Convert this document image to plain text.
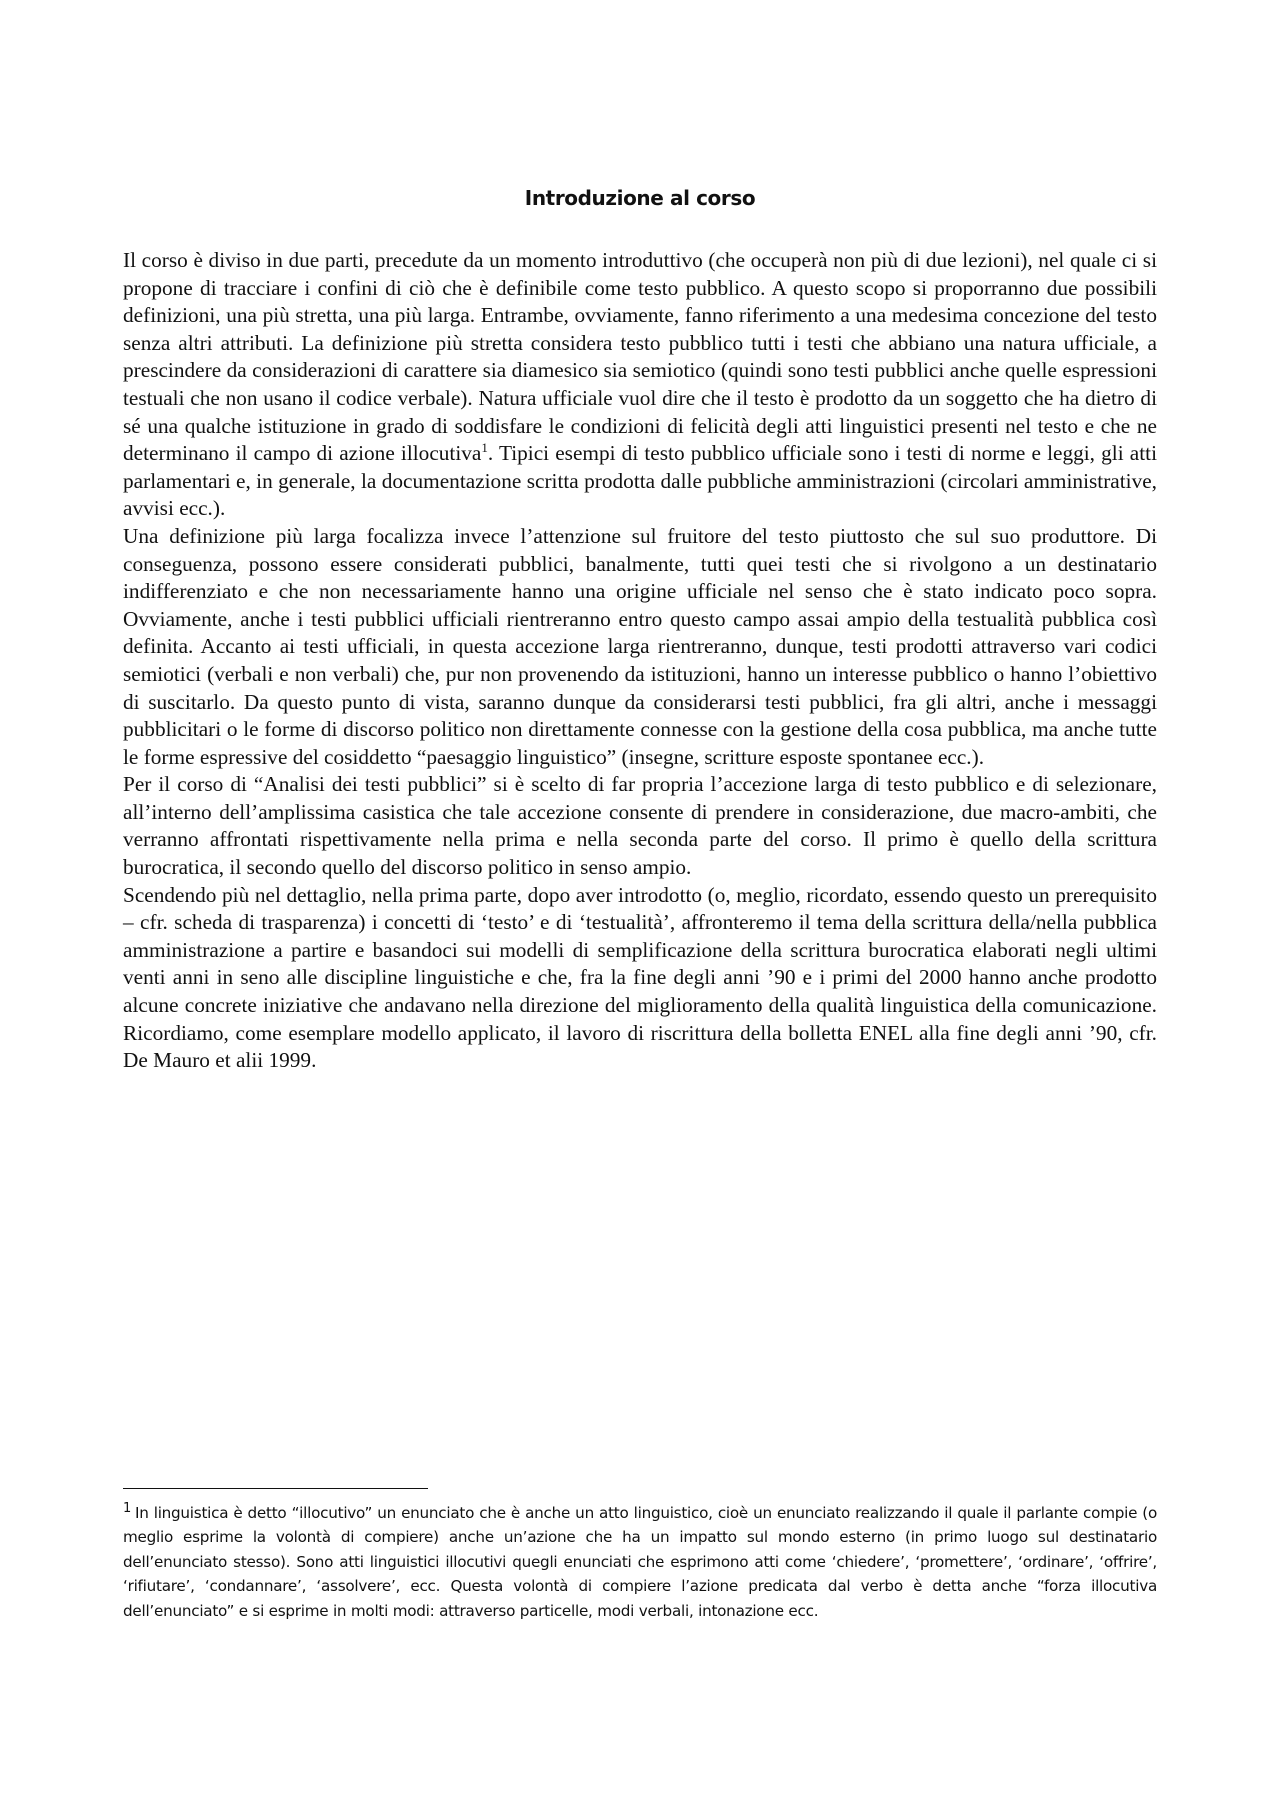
Introduzione al corso

Il corso è diviso in due parti, precedute da un momento introduttivo (che occuperà non più di due lezioni), nel quale ci si propone di tracciare i confini di ciò che è definibile come testo pubblico. A questo scopo si proporranno due possibili definizioni, una più stretta, una più larga. Entrambe, ovviamente, fanno riferimento a una medesima concezione del testo senza altri attributi. La definizione più stretta considera testo pubblico tutti i testi che abbiano una natura ufficiale, a prescindere da considerazioni di carattere sia diamesico sia semiotico (quindi sono testi pubblici anche quelle espressioni testuali che non usano il codice verbale). Natura ufficiale vuol dire che il testo è prodotto da un soggetto che ha dietro di sé una qualche istituzione in grado di soddisfare le condizioni di felicità degli atti linguistici presenti nel testo e che ne determinano il campo di azione illocutiva$^1$. Tipici esempi di testo pubblico ufficiale sono i testi di norme e leggi, gli atti parlamentari e, in generale, la documentazione scritta prodotta dalle pubbliche amministrazioni (circolari amministrative, avvisi ecc.).

Una definizione più larga focalizza invece l’attenzione sul fruitore del testo piuttosto che sul suo produttore. Di conseguenza, possono essere considerati pubblici, banalmente, tutti quei testi che si rivolgono a un destinatario indifferenziato e che non necessariamente hanno una origine ufficiale nel senso che è stato indicato poco sopra. Ovviamente, anche i testi pubblici ufficiali rientreranno entro questo campo assai ampio della testualità pubblica così definita. Accanto ai testi ufficiali, in questa accezione larga rientreranno, dunque, testi prodotti attraverso vari codici semiotici (verbali e non verbali) che, pur non provenendo da istituzioni, hanno un interesse pubblico o hanno l’obiettivo di suscitarlo. Da questo punto di vista, saranno dunque da considerarsi testi pubblici, fra gli altri, anche i messaggi pubblicitari o le forme di discorso politico non direttamente connesse con la gestione della cosa pubblica, ma anche tutte le forme espressive del cosiddetto “paesaggio linguistico” (insegne, scritture esposte spontanee ecc.).

Per il corso di “Analisi dei testi pubblici” si è scelto di far propria l’accezione larga di testo pubblico e di selezionare, all’interno dell’amplissima casistica che tale accezione consente di prendere in considerazione, due macro-ambiti, che verranno affrontati rispettivamente nella prima e nella seconda parte del corso. Il primo è quello della scrittura burocratica, il secondo quello del discorso politico in senso ampio.

Scendendo più nel dettaglio, nella prima parte, dopo aver introdotto (o, meglio, ricordato, essendo questo un prerequisito – cfr. scheda di trasparenza) i concetti di ‘testo’ e di ‘testualità’, affronteremo il tema della scrittura della/nella pubblica amministrazione a partire e basandoci sui modelli di semplificazione della scrittura burocratica elaborati negli ultimi venti anni in seno alle discipline linguistiche e che, fra la fine degli anni ’90 e i primi del 2000 hanno anche prodotto alcune concrete iniziative che andavano nella direzione del miglioramento della qualità linguistica della comunicazione. Ricordiamo, come esemplare modello applicato, il lavoro di riscrittura della bolletta ENEL alla fine degli anni ’90, cfr. De Mauro et alii 1999.

1 In linguistica è detto “illocutivo” un enunciato che è anche un atto linguistico, cioè un enunciato realizzando il quale il parlante compie (o meglio esprime la volontà di compiere) anche un’azione che ha un impatto sul mondo esterno (in primo luogo sul destinatario dell’enunciato stesso). Sono atti linguistici illocutivi quegli enunciati che esprimono atti come ‘chiedere’, ‘promettere’, ‘ordinare’, ‘offrire’, ‘rifiutare’, ‘condannare’, ‘assolvere’, ecc. Questa volontà di compiere l’azione predicata dal verbo è detta anche “forza illocutiva dell’enunciato” e si esprime in molti modi: attraverso particelle, modi verbali, intonazione ecc.
